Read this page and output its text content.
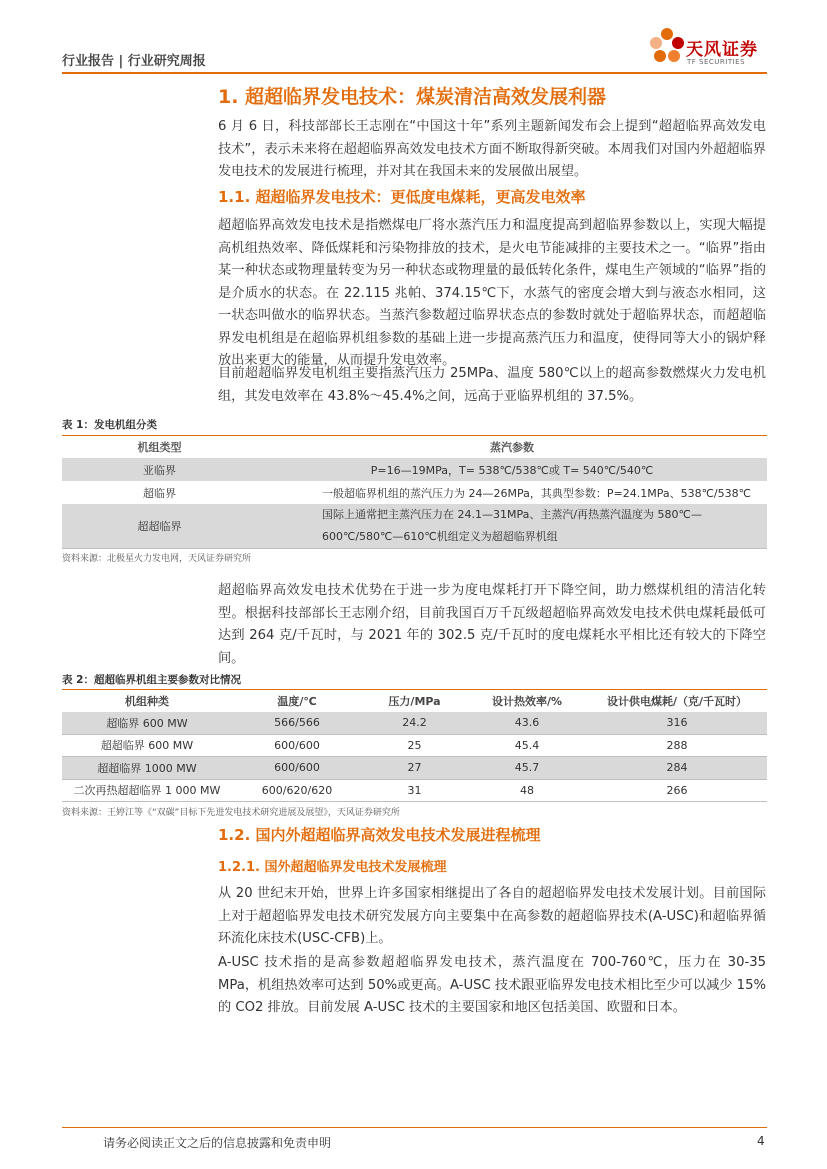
行业报告 | 行业研究周报
天风证券
TF SECURITIES
1. 超超临界发电技术：煤炭清洁高效发展利器
6 月 6 日，科技部部长王志刚在“中国这十年”系列主题新闻发布会上提到“超超临界高效发电技术”，表示未来将在超超临界高效发电技术方面不断取得新突破。本周我们对国内外超超临界发电技术的发展进行梳理，并对其在我国未来的发展做出展望。
1.1. 超超临界发电技术：更低度电煤耗，更高发电效率
超超临界高效发电技术是指燃煤电厂将水蒸汽压力和温度提高到超临界参数以上，实现大幅提高机组热效率、降低煤耗和污染物排放的技术，是火电节能减排的主要技术之一。“临界”指由某一种状态或物理量转变为另一种状态或物理量的最低转化条件，煤电生产领域的“临界”指的是介质水的状态。在 22.115 兆帕、374.15℃下，水蒸气的密度会增大到与液态水相同，这一状态叫做水的临界状态。当蒸汽参数超过临界状态点的参数时就处于超临界状态，而超超临界发电机组是在超临界机组参数的基础上进一步提高蒸汽压力和温度，使得同等大小的锅炉释放出来更大的能量，从而提升发电效率。
目前超超临界发电机组主要指蒸汽压力 25MPa、温度 580℃以上的超高参数燃煤火力发电机组，其发电效率在 43.8%～45.4%之间，远高于亚临界机组的 37.5%。
表 1：发电机组分类
机组类型	蒸汽参数
亚临界	P=16—19MPa，T= 538℃/538℃或 T= 540℃/540℃
超临界	一般超临界机组的蒸汽压力为 24—26MPa，其典型参数：P=24.1MPa、538℃/538℃
超超临界	国际上通常把主蒸汽压力在 24.1—31MPa、主蒸汽/再热蒸汽温度为 580℃—600℃/580℃—610℃机组定义为超超临界机组
资料来源：北极星火力发电网，天风证券研究所
超超临界高效发电技术优势在于进一步为度电煤耗打开下降空间，助力燃煤机组的清洁化转型。根据科技部部长王志刚介绍，目前我国百万千瓦级超超临界高效发电技术供电煤耗最低可达到 264 克/千瓦时，与 2021 年的 302.5 克/千瓦时的度电煤耗水平相比还有较大的下降空间。
表 2：超超临界机组主要参数对比情况
机组种类	温度/℃	压力/MPa	设计热效率/%	设计供电煤耗/（克/千瓦时）
超临界 600 MW	566/566	24.2	43.6	316
超超临界 600 MW	600/600	25	45.4	288
超超临界 1000 MW	600/600	27	45.7	284
二次再热超超临界 1 000 MW	600/620/620	31	48	266
资料来源：王婷江等《“双碳”目标下先进发电技术研究进展及展望》，天风证券研究所
1.2. 国内外超超临界高效发电技术发展进程梳理
1.2.1. 国外超超临界发电技术发展梳理
从 20 世纪末开始，世界上许多国家相继提出了各自的超超临界发电技术发展计划。目前国际上对于超超临界发电技术研究发展方向主要集中在高参数的超超临界技术(A-USC)和超临界循环流化床技术(USC-CFB)上。
A-USC 技术指的是高参数超超临界发电技术，蒸汽温度在 700-760℃，压力在 30-35 MPa，机组热效率可达到 50%或更高。A-USC 技术跟亚临界发电技术相比至少可以减少 15%的 CO2 排放。目前发展 A-USC 技术的主要国家和地区包括美国、欧盟和日本。
请务必阅读正文之后的信息披露和免责申明	4
